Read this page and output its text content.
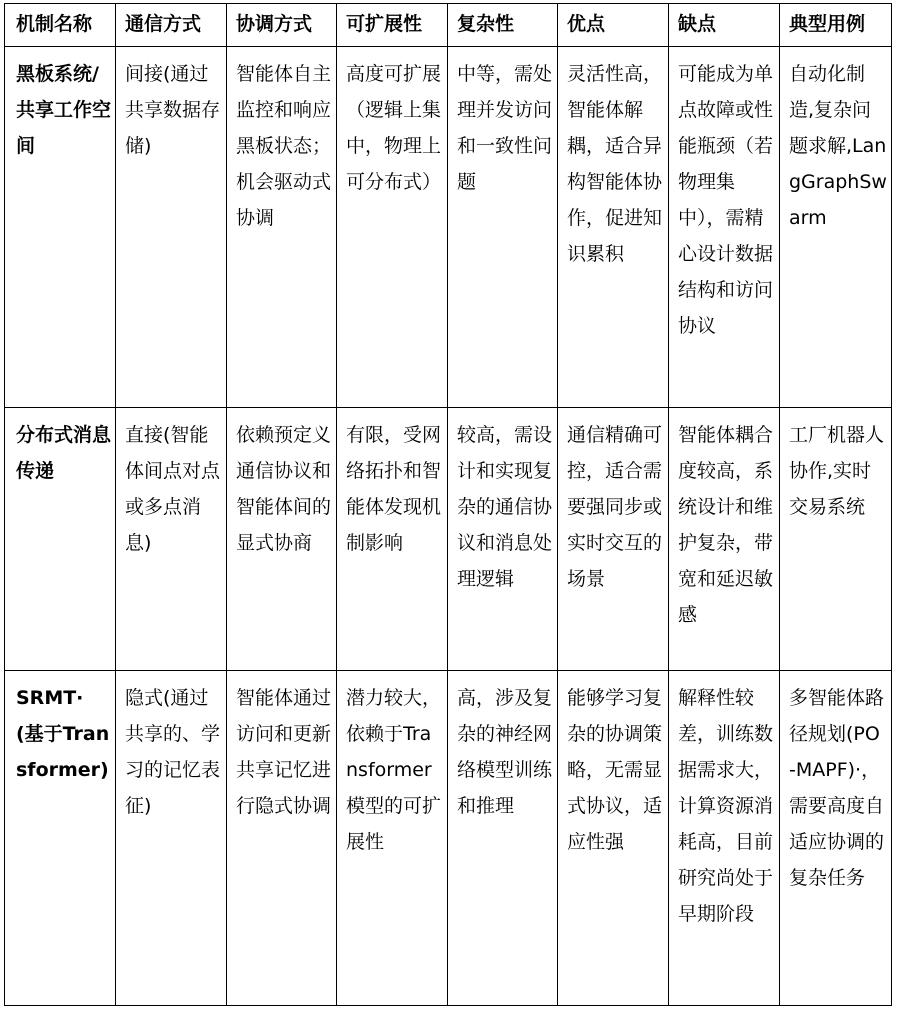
机制名称	通信方式	协调方式	可扩展性	复杂性	优点	缺点	典型用例
黑板系统/共享工作空间	间接(通过共享数据存储)	智能体自主监控和响应黑板状态；机会驱动式协调	高度可扩展（逻辑上集中，物理上可分布式）	中等，需处理并发访问和一致性问题	灵活性高，智能体解耦，适合异构智能体协作，促进知识累积	可能成为单点故障或性能瓶颈（若物理集中），需精心设计数据结构和访问协议	自动化制造,复杂问题求解,LangGraphSwarm
分布式消息传递	直接(智能体间点对点或多点消息)	依赖预定义通信协议和智能体间的显式协商	有限，受网络拓扑和智能体发现机制影响	较高，需设计和实现复杂的通信协议和消息处理逻辑	通信精确可控，适合需要强同步或实时交互的场景	智能体耦合度较高，系统设计和维护复杂，带宽和延迟敏感	工厂机器人协作,实时交易系统
SRMT·(基于Transformer)	隐式(通过共享的、学习的记忆表征)	智能体通过访问和更新共享记忆进行隐式协调	潜力较大，依赖于Transformer 模型的可扩展性	高，涉及复杂的神经网络模型训练和推理	能够学习复杂的协调策略，无需显式协议，适应性强	解释性较差，训练数据需求大，计算资源消耗高，目前研究尚处于早期阶段	多智能体路径规划(PO-MAPF)·，需要高度自适应协调的复杂任务
